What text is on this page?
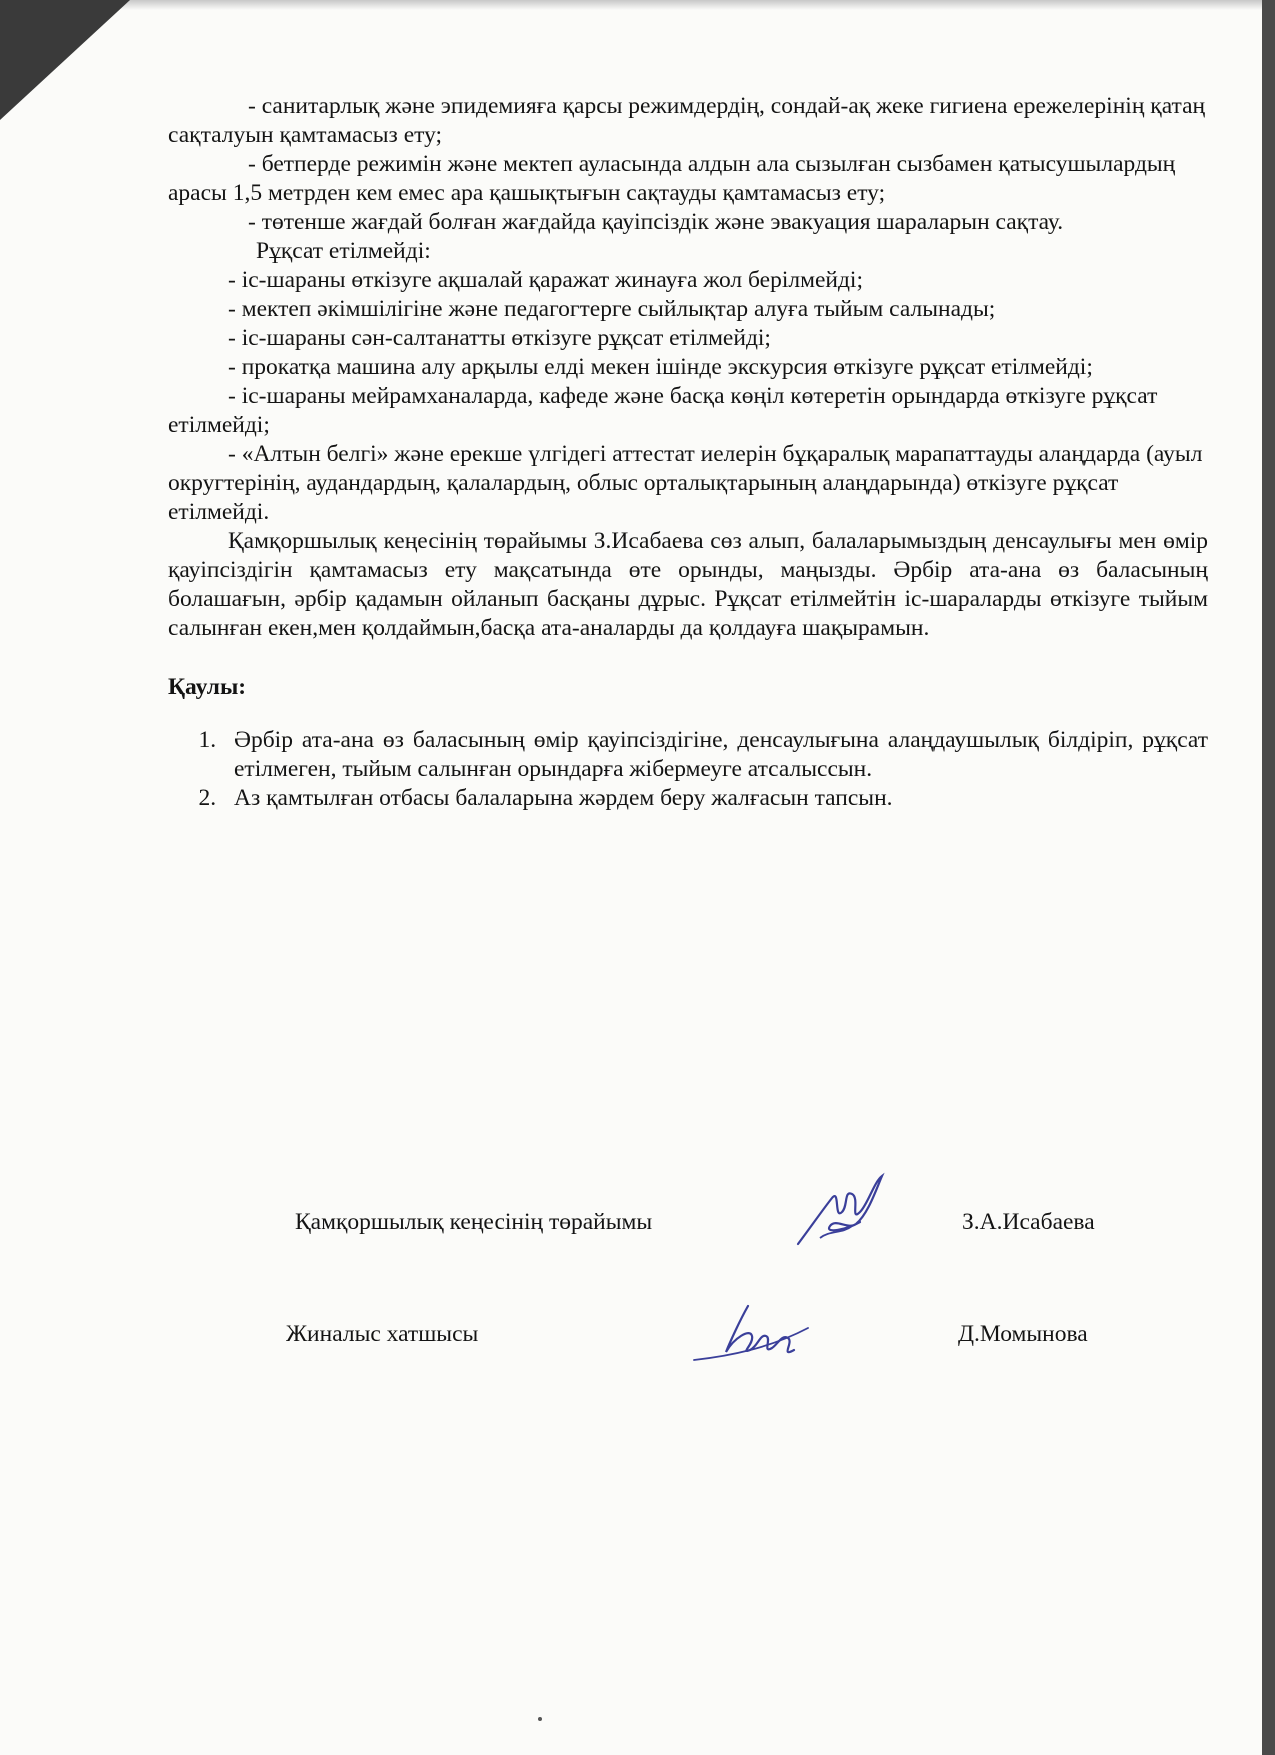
- санитарлық және эпидемияға қарсы режимдердің, сондай-ақ жеке гигиена ережелерінің қатаң сақталуын қамтамасыз ету;

- бетперде режимін және мектеп ауласында алдын ала сызылған сызбамен қатысушылардың арасы 1,5 метрден кем емес ара қашықтығын сақтауды қамтамасыз ету;

- төтенше жағдай болған жағдайда қауіпсіздік және эвакуация шараларын сақтау.

Рұқсат етілмейді:

- іс-шараны өткізуге ақшалай қаражат жинауға жол берілмейді;

- мектеп әкімшілігіне және педагогтерге сыйлықтар алуға тыйым салынады;

- іс-шараны сән-салтанатты өткізуге рұқсат етілмейді;

- прокатқа машина алу арқылы елді мекен ішінде экскурсия өткізуге рұқсат етілмейді;

- іс-шараны мейрамханаларда, кафеде және басқа көңіл көтеретін орындарда өткізуге рұқсат етілмейді;

- «Алтын белгі» және ерекше үлгідегі аттестат иелерін бұқаралық марапаттауды алаңдарда (ауыл округтерінің, аудандардың, қалалардың, облыс орталықтарының алаңдарында) өткізуге рұқсат етілмейді.

Қамқоршылық кеңесінің төрайымы З.Исабаева сөз алып, балаларымыздың денсаулығы мен өмір қауіпсіздігін қамтамасыз ету мақсатында өте орынды, маңызды. Әрбір ата-ана өз баласының болашағын, әрбір қадамын ойланып басқаны дұрыс. Рұқсат етілмейтін іс-шараларды өткізуге тыйым салынған екен,мен қолдаймын,басқа ата-аналарды да қолдауға шақырамын.

Қаулы:

1. Әрбір ата-ана өз баласының өмір қауіпсіздігіне, денсаулығына алаңдаушылық білдіріп, рұқсат етілмеген, тыйым салынған орындарға жібермеуге атсалыссын.
2. Аз қамтылған отбасы балаларына жәрдем беру жалғасын тапсын.
Қамқоршылық кеңесінің төрайымы	З.А.Исабаева
Жиналыс хатшысы	Д.Момынова
